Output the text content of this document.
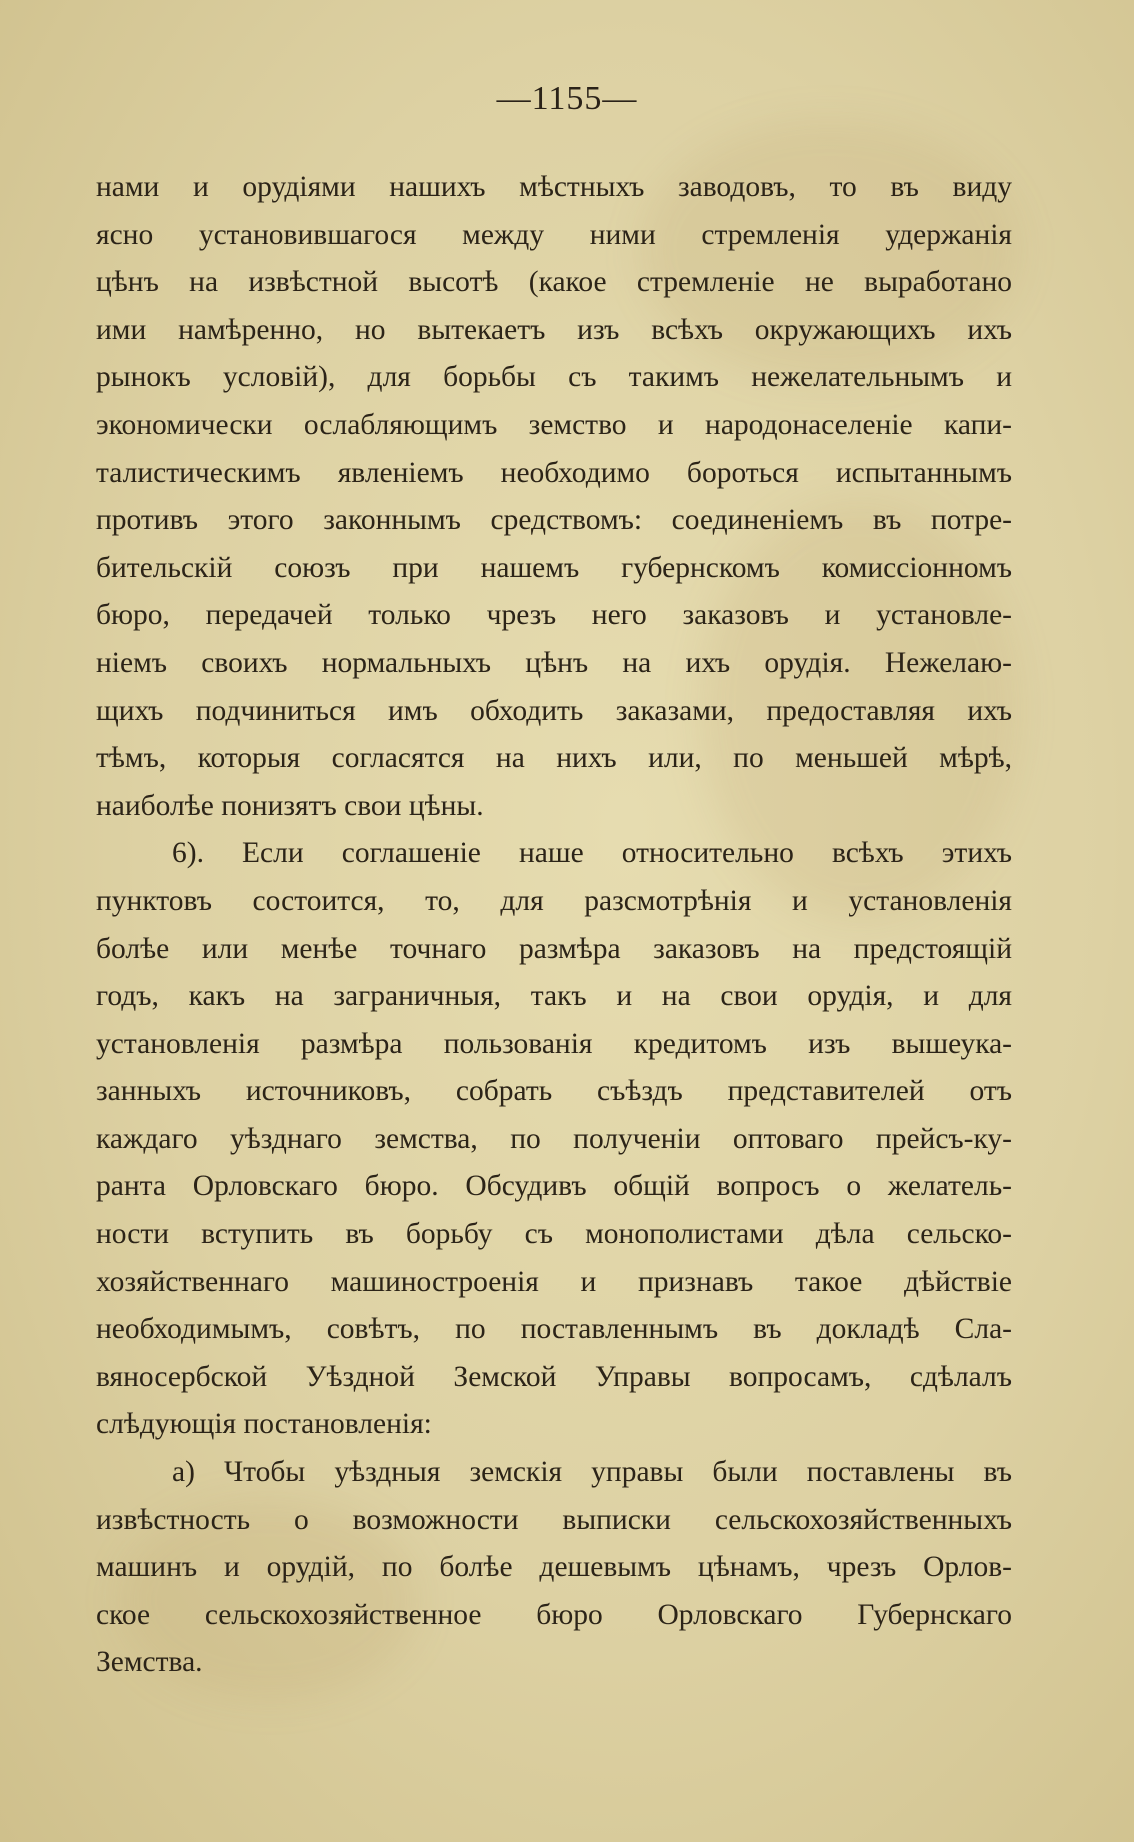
—1155—
нами и орудіями нашихъ мѣстныхъ заводовъ, то въ виду
ясно установившагося между ними стремленія удержанія
цѣнъ на извѣстной высотѣ (какое стремленіе не выработано
ими намѣренно, но вытекаетъ изъ всѣхъ окружающихъ ихъ
рынокъ условій), для борьбы съ такимъ нежелательнымъ и
экономически ослабляющимъ земство и народонаселеніе капи-
талистическимъ явленіемъ необходимо бороться испытаннымъ
противъ этого законнымъ средствомъ: соединеніемъ въ потре-
бительскій союзъ при нашемъ губернскомъ комиссіонномъ
бюро, передачей только чрезъ него заказовъ и установле-
ніемъ своихъ нормальныхъ цѣнъ на ихъ орудія. Нежелаю-
щихъ подчиниться имъ обходить заказами, предоставляя ихъ
тѣмъ, которыя согласятся на нихъ или, по меньшей мѣрѣ,
наиболѣе понизятъ свои цѣны.
6). Если соглашеніе наше относительно всѣхъ этихъ
пунктовъ состоится, то, для разсмотрѣнія и установленія
болѣе или менѣе точнаго размѣра заказовъ на предстоящій
годъ, какъ на заграничныя, такъ и на свои орудія, и для
установленія размѣра пользованія кредитомъ изъ вышеука-
занныхъ источниковъ, собрать съѣздъ представителей отъ
каждаго уѣзднаго земства, по полученіи оптоваго прейсъ-ку-
ранта Орловскаго бюро. Обсудивъ общій вопросъ о желатель-
ности вступить въ борьбу съ монополистами дѣла сельско-
хозяйственнаго машиностроенія и признавъ такое дѣйствіе
необходимымъ, совѣтъ, по поставленнымъ въ докладѣ Сла-
вяносербской Уѣздной Земской Управы вопросамъ, сдѣлалъ
слѣдующія постановленія:
а) Чтобы уѣздныя земскія управы были поставлены въ
извѣстность о возможности выписки сельскохозяйственныхъ
машинъ и орудій, по болѣе дешевымъ цѣнамъ, чрезъ Орлов-
ское сельскохозяйственное бюро Орловскаго Губернскаго
Земства.
